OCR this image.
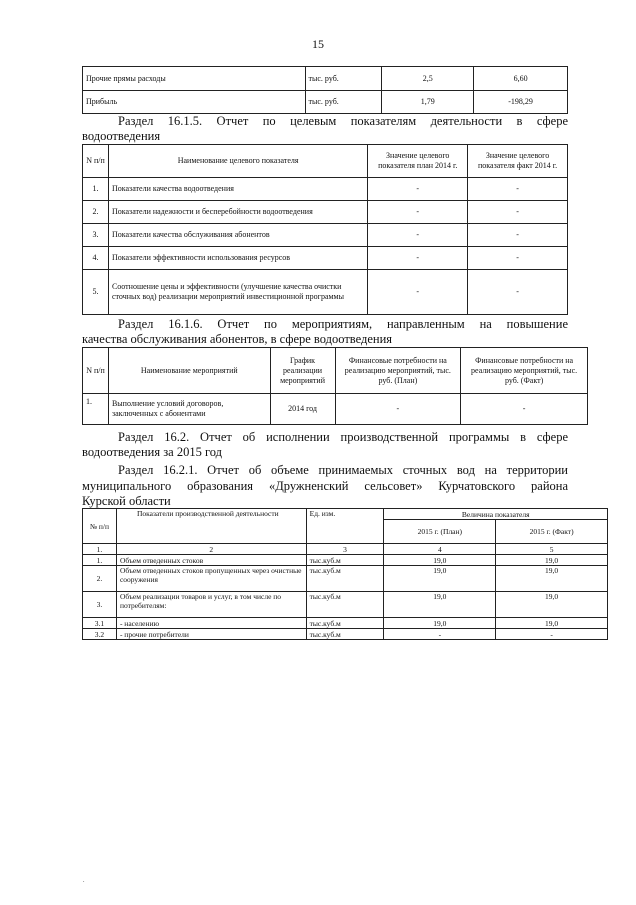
15
Прочие прямы расходы	тыс. руб.	2,5	6,60
Прибыль	тыс. руб.	1,79	-198,29
Раздел 16.1.5. Отчет по целевым показателям деятельности в сфере
водоотведения
N п/п	Наименование целевого показателя	Значение целевого показателя план 2014 г.	Значение целевого показателя факт 2014 г.
1.	Показатели качества водоотведения	-	-
2.	Показатели надежности и бесперебойности водоотведения	-	-
3.	Показатели качества обслуживания абонентов	-	-
4.	Показатели эффективности использования ресурсов	-	-
5.	Соотношение цены и эффективности (улучшение качества очистки сточных вод) реализации мероприятий инвестиционной программы	-	-
Раздел 16.1.6. Отчет по мероприятиям, направленным на повышение
качества обслуживания абонентов, в сфере водоотведения
N п/п	Наименование мероприятий	График реализации мероприятий	Финансовые потребности на реализацию мероприятий, тыс. руб. (План)	Финансовые потребности на реализацию мероприятий, тыс. руб. (Факт)
1.	Выполнение условий договоров, заключенных с абонентами	2014 год	-	-
Раздел 16.2. Отчет об исполнении производственной программы в сфере
водоотведения за 2015 год
Раздел 16.2.1. Отчет об объеме принимаемых сточных вод на территории
муниципального образования «Дружненский сельсовет» Курчатовского района
Курской области
№ п/п	Показатели производственной деятельности	Ед. изм.	Величина показателя	
			2015 г. (План)	2015 г. (Факт)
1.	2	3	4	5
1.	Объем отведенных стоков	тыс.куб.м	19,0	19,0
2.	Объем отведенных стоков пропущенных через очистные сооружения	тыс.куб.м	19,0	19,0
3.	Объем реализации товаров и услуг, в том числе по потребителям:	тыс.куб.м	19,0	19,0
3.1	- населению	тыс.куб.м	19,0	19,0
3.2	- прочие потребители	тыс.куб.м	-	-
.
